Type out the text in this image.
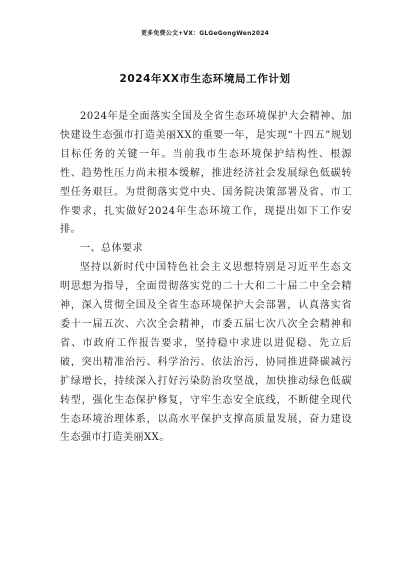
更多免费公文+VX：GLGeGongWen2024
2024年XX市生态环境局工作计划

2024年是全面落实全国及全省生态环境保护大会精神、加快建设生态强市打造美丽XX的重要一年，是实现“十四五”规划目标任务的关键一年。当前我市生态环境保护结构性、根源性、趋势性压力尚未根本缓解，推进经济社会发展绿色低碳转型任务艰巨。为贯彻落实党中央、国务院决策部署及省、市工作要求，扎实做好2024年生态环境工作，现提出如下工作安排。

一、总体要求

坚持以新时代中国特色社会主义思想特别是习近平生态文明思想为指导，全面贯彻落实党的二十大和二十届二中全会精神，深入贯彻全国及全省生态环境保护大会部署，认真落实省委十一届五次、六次全会精神，市委五届七次八次全会精神和省、市政府工作报告要求，坚持稳中求进以进促稳、先立后破，突出精准治污、科学治污、依法治污，协同推进降碳减污扩绿增长，持续深入打好污染防治攻坚战，加快推动绿色低碳转型，强化生态保护修复，守牢生态安全底线，不断健全现代生态环境治理体系，以高水平保护支撑高质量发展，奋力建设生态强市打造美丽XX。
